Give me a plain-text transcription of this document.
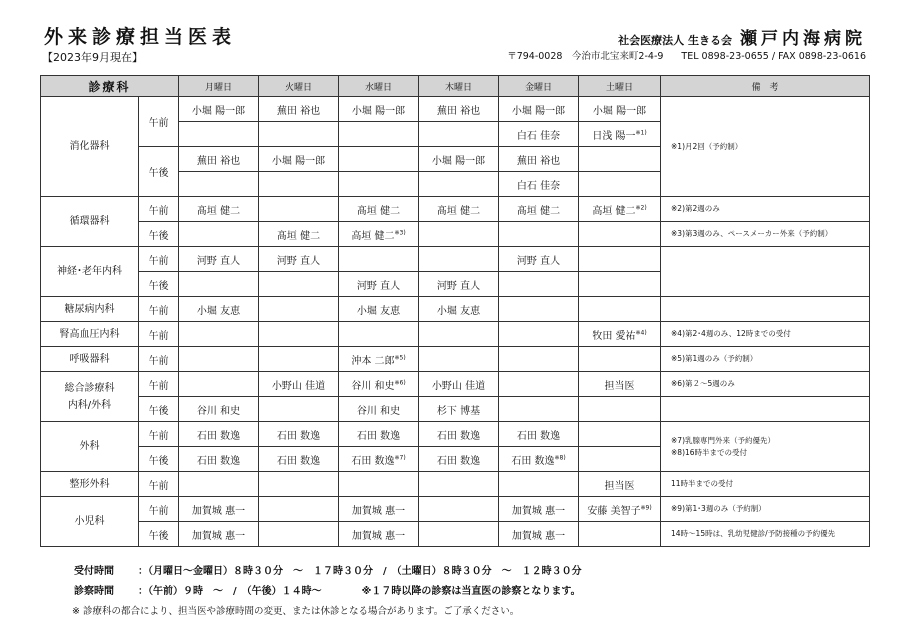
外来診療担当医表
【2023年9月現在】
社会医療法人 生きる会 瀬戸内海病院
〒794-0028　今治市北宝来町2-4-9 TEL 0898-23-0655 / FAX 0898-23-0616
診療科		月曜日	火曜日	水曜日	木曜日	金曜日	土曜日	備　考
消化器科	午前	小堀 陽一郎	蕪田 裕也	小堀 陽一郎	蕪田 裕也	小堀 陽一郎	小堀 陽一郎	※1)月2回（予約制）
						白石 佳奈	日浅 陽一$^{※1)}$
	午後	蕪田 裕也	小堀 陽一郎		小堀 陽一郎	蕪田 裕也		
						白石 佳奈		
循環器科	午前	髙垣 健二		髙垣 健二	髙垣 健二	髙垣 健二	高垣 健二$^{※2)}$	※2)第2週のみ
	午後		髙垣 健二	高垣 健二$^{※3)}$				※3)第3週のみ、ペースメーカー外来（予約制）
神経･老年内科	午前	河野 直人	河野 直人			河野 直人		
	午後			河野 直人	河野 直人			
糖尿病内科	午前	小堀 友恵		小堀 友恵	小堀 友恵			
腎高血圧内科	午前						牧田 愛祐$^{※4)}$	※4)第2･4週のみ、12時までの受付
呼吸器科	午前			沖本 二郎$^{※5)}$				※5)第1週のみ（予約制）

総合診療科
内科/外科	午前		小野山 佳道	谷川 和史$^{※6)}$	小野山 佳道		担当医	※6)第２～5週のみ
	午後	谷川 和史		谷川 和史	杉下 博基			
外科	午前	石田 数逸	石田 数逸	石田 数逸	石田 数逸	石田 数逸		※7)乳腺専門外来（予約優先）
※8)16時半までの受付

	午後	石田 数逸	石田 数逸	石田 数逸$^{※7)}$	石田 数逸	石田 数逸$^{※8)}$	
整形外科	午前						担当医	11時半までの受付
小児科	午前	加賀城 惠一		加賀城 惠一		加賀城 惠一	安藤 美智子$^{※9)}$	※9)第1･3週のみ（予約制）
	午後	加賀城 惠一		加賀城 惠一		加賀城 惠一		14時～15時は、乳幼児健診/予防接種の予約優先
受付時間 ：（月曜日～金曜日）８時３０分　～　１７時３０分　/　（土曜日）８時３０分　～　１２時３０分
診察時間 ：（午前）９時　～　/　（午後）１４時～	※１７時以降の診察は当直医の診察となります。
※ 診療科の都合により、担当医や診療時間の変更、または休診となる場合があります。ご了承ください。
